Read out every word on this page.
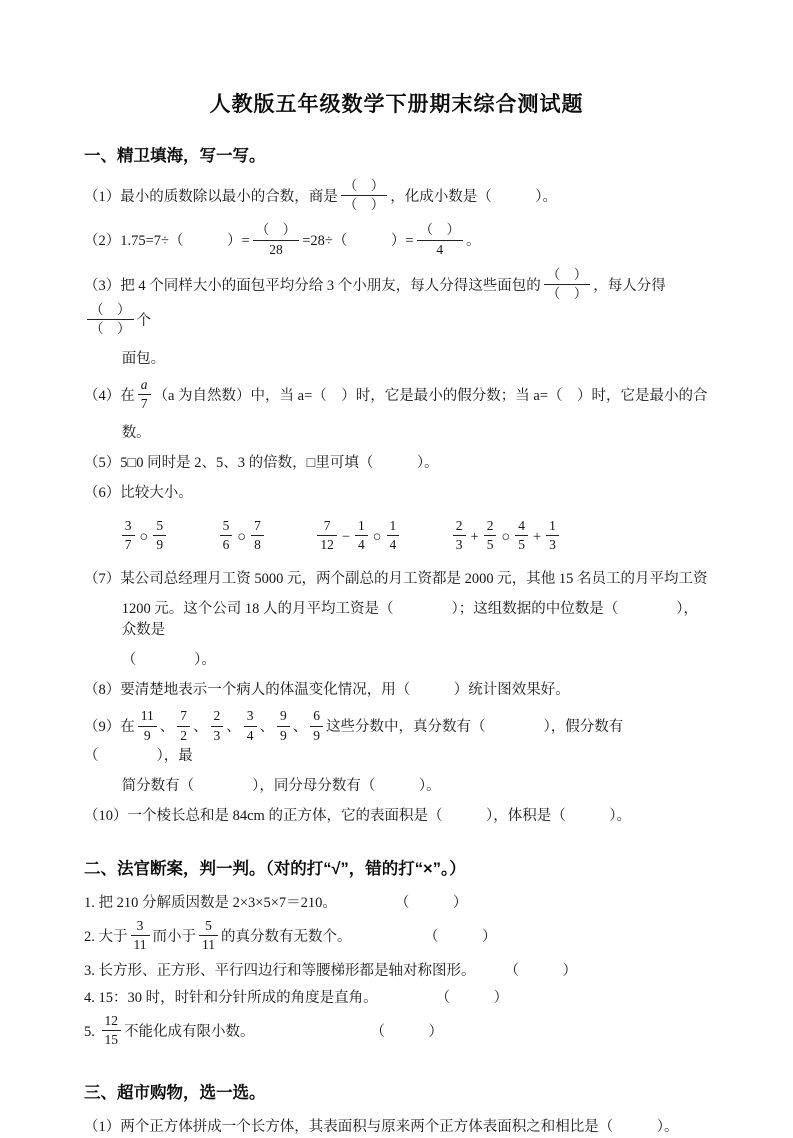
人教版五年级数学下册期末综合测试题
一、精卫填海，写一写。

（1）最小的质数除以最小的合数，商是 $\frac{( )}{( )}$ ，化成小数是（　　　）。

（2）1.75=7÷（　　　）= $\frac{( )}{28} =28\div$（　　　）= $\frac{( )}{4}$ 。

（3）把 4 个同样大小的面包平均分给 3 个小朋友，每人分得这些面包的 $\frac{( )}{( )}$ ，每人分得
$\frac{( )}{( )}$ 个

面包。

（4）在 $\frac{a}{7} (a$ 为自然数）中，当 a=（　）时，它是最小的假分数；当 a=（　）时，它是最小的合

数。

（5）5□0 同时是 2、5、3 的倍数，□里可填（　　　）。

（6）比较大小。

$\frac{3}{7}$ ○ $\frac{5}{9}$
　　　	$\frac{5}{6}$ ○ $\frac{7}{8}$
　　　	$\frac{7}{12} - \frac{1}{4}$ ○ $\frac{1}{4}$
　　　	$\frac{2}{3} + \frac{2}{5}$ ○ $\frac{4}{5} + \frac{1}{3}$

（7）某公司总经理月工资 5000 元，两个副总的月工资都是 2000 元，其他 15 名员工的月平均工资

1200 元。这个公司 18 人的月平均工资是（　　　　）；这组数据的中位数是（　　　　），众数是

（　　　　）。

（8）要清楚地表示一个病人的体温变化情况，用（　　　）统计图效果好。

（9）在 $\frac{11}{9}$ 、 $\frac{7}{2}$ 、 $\frac{2}{3}$ 、 $\frac{3}{4}$ 、 $\frac{9}{9}$ 、 $\frac{6}{9}$ 这些分数中，真分数有（　　　　），假分数有（　　　　），最

简分数有（　　　　），同分母分数有（　　　）。

（10）一个棱长总和是 84cm 的正方体，它的表面积是（　　　），体积是（　　　）。

二、法官断案，判一判。（对的打“√”，错的打“×”。）

1. 把 210 分解质因数是 2×3×5×7＝210。　　　　　（　　　）

2. 大于 $\frac{3}{11}$ 而小于 $\frac{5}{11}$ 的真分数有无数个。　　　　　　（　　　）

3. 长方形、正方形、平行四边行和等腰梯形都是轴对称图形。　　　（　　　）

4. 15：30 时，时针和分针所成的角度是直角。　　　　　（　　　）

5. $\frac{12}{15}$ 不能化成有限小数。　　　　　　　　　（　　　）

三、超市购物，选一选。

（1）两个正方体拼成一个长方体，其表面积与原来两个正方体表面积之和相比是（　　　）。
